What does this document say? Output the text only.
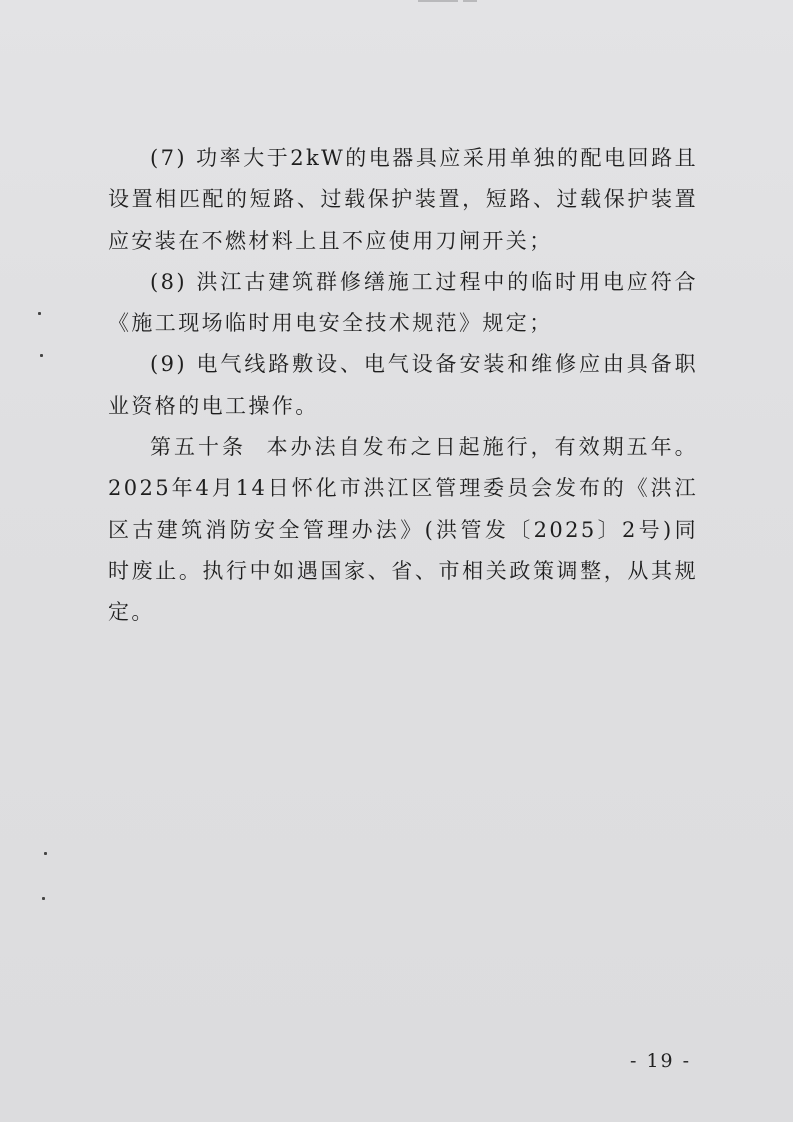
(7) 功率大于2kW的电器具应采用单独的配电回路且设置相匹配的短路、过载保护装置，短路、过载保护装置应安装在不燃材料上且不应使用刀闸开关；

(8) 洪江古建筑群修缮施工过程中的临时用电应符合《施工现场临时用电安全技术规范》规定；

(9) 电气线路敷设、电气设备安装和维修应由具备职业资格的电工操作。

第五十条 本办法自发布之日起施行，有效期五年。2025年4月14日怀化市洪江区管理委员会发布的《洪江区古建筑消防安全管理办法》(洪管发〔2025〕2号)同时废止。执行中如遇国家、省、市相关政策调整，从其规定。

- 19 -
